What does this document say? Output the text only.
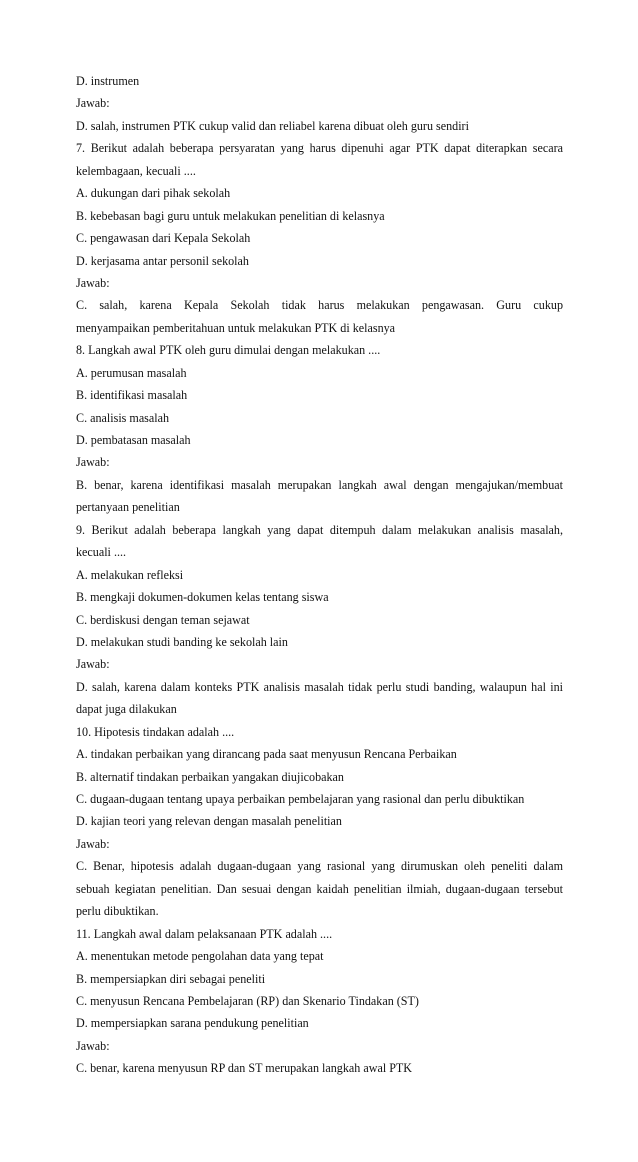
D. instrumen
Jawab:
D. salah, instrumen PTK cukup valid dan reliabel karena dibuat oleh guru sendiri
7. Berikut adalah beberapa persyaratan yang harus dipenuhi agar PTK dapat diterapkan secara
kelembagaan, kecuali ....
A. dukungan dari pihak sekolah
B. kebebasan bagi guru untuk melakukan penelitian di kelasnya
C. pengawasan dari Kepala Sekolah
D. kerjasama antar personil sekolah
Jawab:
C. salah, karena Kepala Sekolah tidak harus melakukan pengawasan. Guru cukup
menyampaikan pemberitahuan untuk melakukan PTK di kelasnya
8. Langkah awal PTK oleh guru dimulai dengan melakukan ....
A. perumusan masalah
B. identifikasi masalah
C. analisis masalah
D. pembatasan masalah
Jawab:
B. benar, karena identifikasi masalah merupakan langkah awal dengan mengajukan/membuat
pertanyaan penelitian
9. Berikut adalah beberapa langkah yang dapat ditempuh dalam melakukan analisis masalah,
kecuali ....
A. melakukan refleksi
B. mengkaji dokumen-dokumen kelas tentang siswa
C. berdiskusi dengan teman sejawat
D. melakukan studi banding ke sekolah lain
Jawab:
D. salah, karena dalam konteks PTK analisis masalah tidak perlu studi banding, walaupun hal ini
dapat juga dilakukan
10. Hipotesis tindakan adalah ....
A. tindakan perbaikan yang dirancang pada saat menyusun Rencana Perbaikan
B. alternatif tindakan perbaikan yangakan diujicobakan
C. dugaan-dugaan tentang upaya perbaikan pembelajaran yang rasional dan perlu dibuktikan
D. kajian teori yang relevan dengan masalah penelitian
Jawab:
C. Benar, hipotesis adalah dugaan-dugaan yang rasional yang dirumuskan oleh peneliti dalam
sebuah kegiatan penelitian. Dan sesuai dengan kaidah penelitian ilmiah, dugaan-dugaan tersebut
perlu dibuktikan.
11. Langkah awal dalam pelaksanaan PTK adalah ....
A. menentukan metode pengolahan data yang tepat
B. mempersiapkan diri sebagai peneliti
C. menyusun Rencana Pembelajaran (RP) dan Skenario Tindakan (ST)
D. mempersiapkan sarana pendukung penelitian
Jawab:
C. benar, karena menyusun RP dan ST merupakan langkah awal PTK
